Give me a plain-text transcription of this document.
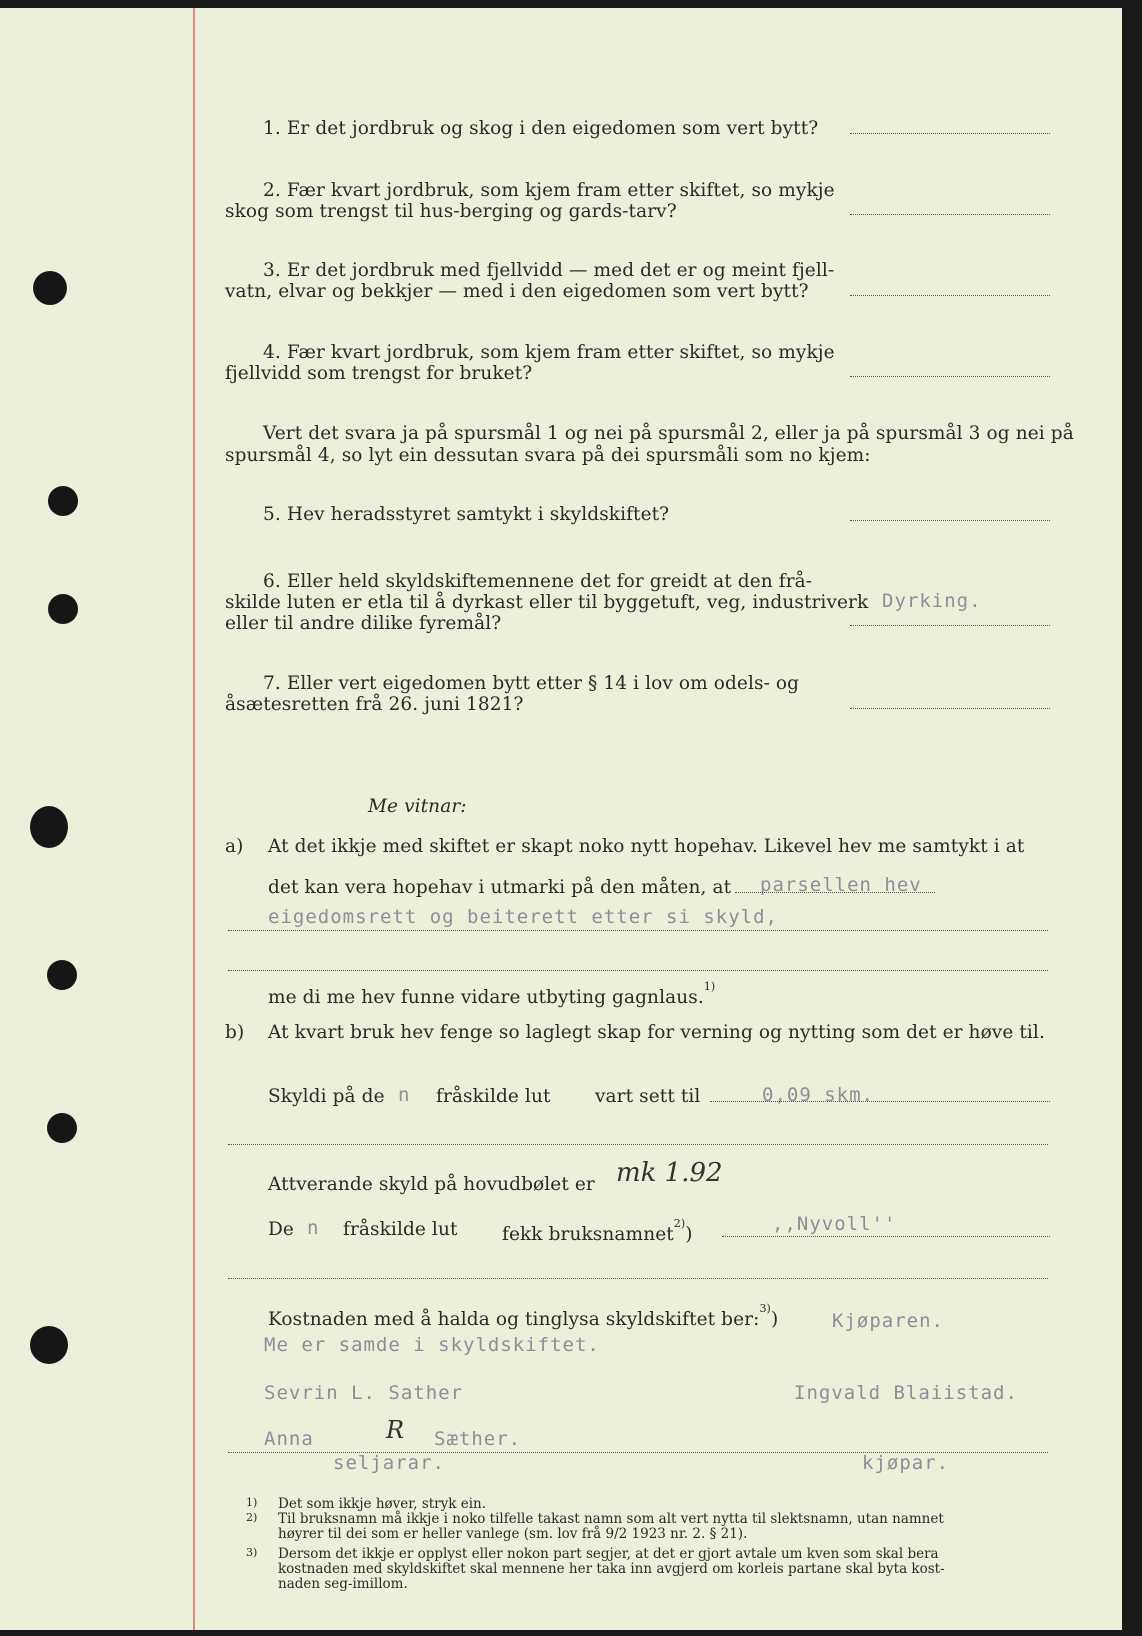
1. Er det jordbruk og skog i den eigedomen som vert bytt?
2. Fær kvart jordbruk, som kjem fram etter skiftet, so mykje
skog som trengst til hus‑berging og gards‑tarv?
3. Er det jordbruk med fjellvidd — med det er og meint fjell‑
vatn, elvar og bekkjer — med i den eigedomen som vert bytt?
4. Fær kvart jordbruk, som kjem fram etter skiftet, so mykje
fjellvidd som trengst for bruket?
Vert det svara ja på spursmål 1 og nei på spursmål 2, eller ja på spursmål 3 og nei på
spursmål 4, so lyt ein dessutan svara på dei spursmåli som no kjem:
5. Hev heradsstyret samtykt i skyldskiftet?
6. Eller held skyldskiftemennene det for greidt at den frå‑
skilde luten er etla til å dyrkast eller til byggetuft, veg, industriverk
eller til andre dilike fyremål?
Dyrking.
7. Eller vert eigedomen bytt etter § 14 i lov om odels‑ og
åsætesretten frå 26. juni 1821?
Me vitnar:
a) At det ikkje med skiftet er skapt noko nytt hopehav. Likevel hev me samtykt i at
det kan vera hopehav i utmarki på den måten, at parsellen hev
eigedomsrett og beiterett etter si skyld,
me di me hev funne vidare utbyting gagnlaus.$^{1)}$
b) At kvart bruk hev fenge so laglegt skap for verning og nytting som det er høve til.
Skyldi på de n fråskilde lut vart sett til	0,09 skm.
Attverande skyld på hovudbølet er mk 1.92
De n fråskilde lut fekk bruksnamnet$^{2)}$)	,,Nyvoll''
Kostnaden med å halda og tinglysa skyldskiftet ber:$^{3)}$)	Kjøparen.
Me er samde i skyldskiftet.
Sevrin L. Sather	Ingvald Blaiistad.
Anna	R Sæther.
seljarar.	kjøpar.
1) Det som ikkje høver, stryk ein.
2) Til bruksnamn må ikkje i noko tilfelle takast namn som alt vert nytta til slektsnamn, utan namnet
høyrer til dei som er heller vanlege (sm. lov frå 9/2 1923 nr. 2. § 21).
3) Dersom det ikkje er opplyst eller nokon part segjer, at det er gjort avtale um kven som skal bera
kostnaden med skyldskiftet skal mennene her taka inn avgjerd om korleis partane skal byta kost‑
naden seg‑imillom.
